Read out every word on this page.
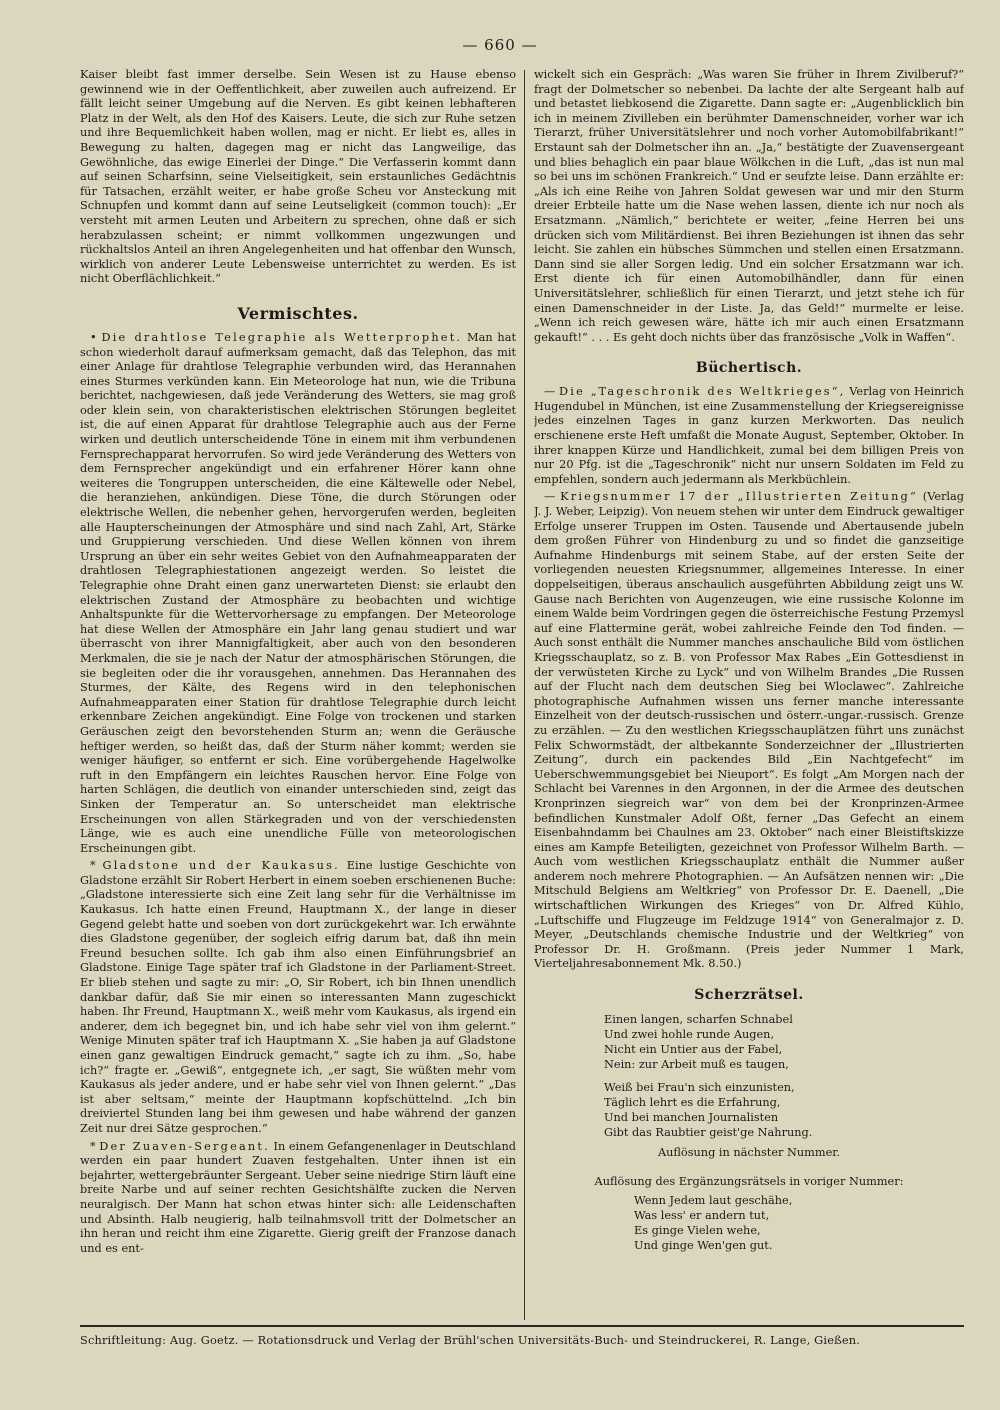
— 660 —

Kaiser bleibt fast immer derselbe. Sein Wesen ist zu Hause ebenso gewinnend wie in der Oeffentlichkeit, aber zuweilen auch aufreizend. Er fällt leicht seiner Umgebung auf die Nerven. Es gibt keinen lebhafteren Platz in der Welt, als den Hof des Kaisers. Leute, die sich zur Ruhe setzen und ihre Bequemlichkeit haben wollen, mag er nicht. Er liebt es, alles in Bewegung zu halten, dagegen mag er nicht das Langweilige, das Gewöhnliche, das ewige Einerlei der Dinge.“ Die Verfasserin kommt dann auf seinen Scharfsinn, seine Vielseitigkeit, sein erstaunliches Gedächtnis für Tatsachen, erzählt weiter, er habe große Scheu vor Ansteckung mit Schnupfen und kommt dann auf seine Leutseligkeit (common touch): „Er versteht mit armen Leuten und Arbeitern zu sprechen, ohne daß er sich herabzulassen scheint; er nimmt vollkommen ungezwungen und rückhaltslos Anteil an ihren Angelegenheiten und hat offenbar den Wunsch, wirklich von anderer Leute Lebensweise unterrichtet zu werden. Es ist nicht Oberflächlichkeit.“

Vermischtes.

• Die drahtlose Telegraphie als Wetterprophet. Man hat schon wiederholt darauf aufmerksam gemacht, daß das Telephon, das mit einer Anlage für drahtlose Telegraphie verbunden wird, das Herannahen eines Sturmes verkünden kann. Ein Meteorologe hat nun, wie die Tribuna berichtet, nachgewiesen, daß jede Veränderung des Wetters, sie mag groß oder klein sein, von charakteristischen elektrischen Störungen begleitet ist, die auf einen Apparat für drahtlose Telegraphie auch aus der Ferne wirken und deutlich unterscheidende Töne in einem mit ihm verbundenen Fernsprechapparat hervorrufen. So wird jede Veränderung des Wetters von dem Fernsprecher angekündigt und ein erfahrener Hörer kann ohne weiteres die Tongruppen unterscheiden, die eine Kältewelle oder Nebel, die heranziehen, ankündigen. Diese Töne, die durch Störungen oder elektrische Wellen, die nebenher gehen, hervorgerufen werden, begleiten alle Haupterscheinungen der Atmosphäre und sind nach Zahl, Art, Stärke und Gruppierung verschieden. Und diese Wellen können von ihrem Ursprung an über ein sehr weites Gebiet von den Aufnahmeapparaten der drahtlosen Telegraphiestationen angezeigt werden. So leistet die Telegraphie ohne Draht einen ganz unerwarteten Dienst: sie erlaubt den elektrischen Zustand der Atmosphäre zu beobachten und wichtige Anhaltspunkte für die Wettervorhersage zu empfangen. Der Meteorologe hat diese Wellen der Atmosphäre ein Jahr lang genau studiert und war überrascht von ihrer Mannigfaltigkeit, aber auch von den besonderen Merkmalen, die sie je nach der Natur der atmosphärischen Störungen, die sie begleiten oder die ihr vorausgehen, annehmen. Das Herannahen des Sturmes, der Kälte, des Regens wird in den telephonischen Aufnahmeapparaten einer Station für drahtlose Telegraphie durch leicht erkennbare Zeichen angekündigt. Eine Folge von trockenen und starken Geräuschen zeigt den bevorstehenden Sturm an; wenn die Geräusche heftiger werden, so heißt das, daß der Sturm näher kommt; werden sie weniger häufiger, so entfernt er sich. Eine vorübergehende Hagelwolke ruft in den Empfängern ein leichtes Rauschen hervor. Eine Folge von harten Schlägen, die deutlich von einander unterschieden sind, zeigt das Sinken der Temperatur an. So unterscheidet man elektrische Erscheinungen von allen Stärkegraden und von der verschiedensten Länge, wie es auch eine unendliche Fülle von meteorologischen Erscheinungen gibt.

* Gladstone und der Kaukasus. Eine lustige Geschichte von Gladstone erzählt Sir Robert Herbert in einem soeben erschienenen Buche: „Gladstone interessierte sich eine Zeit lang sehr für die Verhältnisse im Kaukasus. Ich hatte einen Freund, Hauptmann X., der lange in dieser Gegend gelebt hatte und soeben von dort zurückgekehrt war. Ich erwähnte dies Gladstone gegenüber, der sogleich eifrig darum bat, daß ihn mein Freund besuchen sollte. Ich gab ihm also einen Einführungsbrief an Gladstone. Einige Tage später traf ich Gladstone in der Parliament-Street. Er blieb stehen und sagte zu mir: „O, Sir Robert, ich bin Ihnen unendlich dankbar dafür, daß Sie mir einen so interessanten Mann zugeschickt haben. Ihr Freund, Hauptmann X., weiß mehr vom Kaukasus, als irgend ein anderer, dem ich begegnet bin, und ich habe sehr viel von ihm gelernt.“ Wenige Minuten später traf ich Hauptmann X. „Sie haben ja auf Gladstone einen ganz gewaltigen Eindruck gemacht,“ sagte ich zu ihm. „So, habe ich?“ fragte er. „Gewiß“, entgegnete ich, „er sagt, Sie wüßten mehr vom Kaukasus als jeder andere, und er habe sehr viel von Ihnen gelernt.“ „Das ist aber seltsam,“ meinte der Hauptmann kopfschüttelnd. „Ich bin dreiviertel Stunden lang bei ihm gewesen und habe während der ganzen Zeit nur drei Sätze gesprochen.“

* Der Zuaven-Sergeant. In einem Gefangenenlager in Deutschland werden ein paar hundert Zuaven festgehalten. Unter ihnen ist ein bejahrter, wettergebräunter Sergeant. Ueber seine niedrige Stirn läuft eine breite Narbe und auf seiner rechten Gesichtshälfte zucken die Nerven neuralgisch. Der Mann hat schon etwas hinter sich: alle Leidenschaften und Absinth. Halb neugierig, halb teilnahmsvoll tritt der Dolmetscher an ihn heran und reicht ihm eine Zigarette. Gierig greift der Franzose danach und es ent-

wickelt sich ein Gespräch: „Was waren Sie früher in Ihrem Zivilberuf?“ fragt der Dolmetscher so nebenbei. Da lachte der alte Sergeant halb auf und betastet liebkosend die Zigarette. Dann sagte er: „Augenblicklich bin ich in meinem Zivilleben ein berühmter Damenschneider, vorher war ich Tierarzt, früher Universitätslehrer und noch vorher Automobilfabrikant!“ Erstaunt sah der Dolmetscher ihn an. „Ja,“ bestätigte der Zuavensergeant und blies behaglich ein paar blaue Wölkchen in die Luft, „das ist nun mal so bei uns im schönen Frankreich.“ Und er seufzte leise. Dann erzählte er: „Als ich eine Reihe von Jahren Soldat gewesen war und mir den Sturm dreier Erbteile hatte um die Nase wehen lassen, diente ich nur noch als Ersatzmann. „Nämlich,“ berichtete er weiter, „feine Herren bei uns drücken sich vom Militärdienst. Bei ihren Beziehungen ist ihnen das sehr leicht. Sie zahlen ein hübsches Sümmchen und stellen einen Ersatzmann. Dann sind sie aller Sorgen ledig. Und ein solcher Ersatzmann war ich. Erst diente ich für einen Automobilhändler, dann für einen Universitätslehrer, schließlich für einen Tierarzt, und jetzt stehe ich für einen Damenschneider in der Liste. Ja, das Geld!“ murmelte er leise. „Wenn ich reich gewesen wäre, hätte ich mir auch einen Ersatzmann gekauft!“ . . . Es geht doch nichts über das französische „Volk in Waffen“.

Büchertisch.

— Die „Tageschronik des Weltkrieges“, Verlag von Heinrich Hugendubel in München, ist eine Zusammenstellung der Kriegsereignisse jedes einzelnen Tages in ganz kurzen Merkworten. Das neulich erschienene erste Heft umfaßt die Monate August, September, Oktober. In ihrer knappen Kürze und Handlichkeit, zumal bei dem billigen Preis von nur 20 Pfg. ist die „Tageschronik“ nicht nur unsern Soldaten im Feld zu empfehlen, sondern auch jedermann als Merkbüchlein.

— Kriegsnummer 17 der „Illustrierten Zeitung“ (Verlag J. J. Weber, Leipzig). Von neuem stehen wir unter dem Eindruck gewaltiger Erfolge unserer Truppen im Osten. Tausende und Abertausende jubeln dem großen Führer von Hindenburg zu und so findet die ganzseitige Aufnahme Hindenburgs mit seinem Stabe, auf der ersten Seite der vorliegenden neuesten Kriegsnummer, allgemeines Interesse. In einer doppelseitigen, überaus anschaulich ausgeführten Abbildung zeigt uns W. Gause nach Berichten von Augenzeugen, wie eine russische Kolonne im einem Walde beim Vordringen gegen die österreichische Festung Przemysl auf eine Flattermine gerät, wobei zahlreiche Feinde den Tod finden. — Auch sonst enthält die Nummer manches anschauliche Bild vom östlichen Kriegsschauplatz, so z. B. von Professor Max Rabes „Ein Gottesdienst in der verwüsteten Kirche zu Lyck“ und von Wilhelm Brandes „Die Russen auf der Flucht nach dem deutschen Sieg bei Wloclawec“. Zahlreiche photographische Aufnahmen wissen uns ferner manche interessante Einzelheit von der deutsch-russischen und österr.-ungar.-russisch. Grenze zu erzählen. — Zu den westlichen Kriegsschauplätzen führt uns zunächst Felix Schwormstädt, der altbekannte Sonderzeichner der „Illustrierten Zeitung“, durch ein packendes Bild „Ein Nachtgefecht“ im Ueberschwemmungsgebiet bei Nieuport“. Es folgt „Am Morgen nach der Schlacht bei Varennes in den Argonnen, in der die Armee des deutschen Kronprinzen siegreich war“ von dem bei der Kronprinzen-Armee befindlichen Kunstmaler Adolf Oßt, ferner „Das Gefecht an einem Eisenbahndamm bei Chaulnes am 23. Oktober“ nach einer Bleistiftskizze eines am Kampfe Beteiligten, gezeichnet von Professor Wilhelm Barth. — Auch vom westlichen Kriegsschauplatz enthält die Nummer außer anderem noch mehrere Photographien. — An Aufsätzen nennen wir: „Die Mitschuld Belgiens am Weltkrieg“ von Professor Dr. E. Daenell, „Die wirtschaftlichen Wirkungen des Krieges“ von Dr. Alfred Kühlo, „Luftschiffe und Flugzeuge im Feldzuge 1914“ von Generalmajor z. D. Meyer, „Deutschlands chemische Industrie und der Weltkrieg“ von Professor Dr. H. Großmann. (Preis jeder Nummer 1 Mark, Vierteljahresabonnement Mk. 8.50.)

Scherzrätsel.
Einen langen, scharfen Schnabel
Und zwei hohle runde Augen,
Nicht ein Untier aus der Fabel,
Nein: zur Arbeit muß es taugen,
Weiß bei Frau'n sich einzunisten,
Täglich lehrt es die Erfahrung,
Und bei manchen Journalisten
Gibt das Raubtier geist'ge Nahrung.

Auflösung in nächster Nummer.

Auflösung des Ergänzungsrätsels in voriger Nummer:

Wenn Jedem laut geschähe,
Was less' er andern tut,
Es ginge Vielen wehe,
Und ginge Wen'gen gut.
Schriftleitung: Aug. Goetz. — Rotationsdruck und Verlag der Brühl'schen Universitäts-Buch- und Steindruckerei, R. Lange, Gießen.
